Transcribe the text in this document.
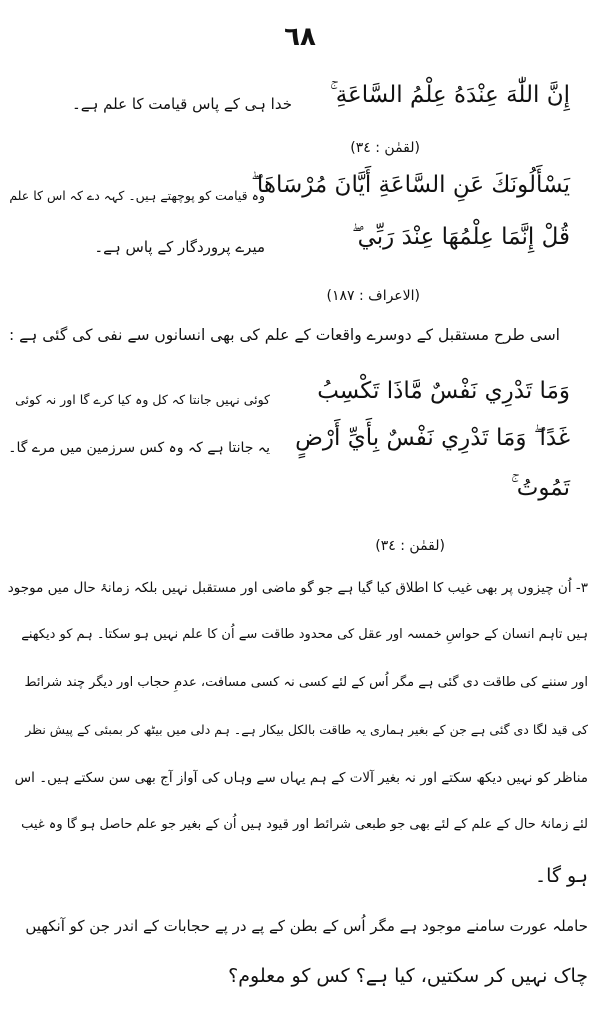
٦٨
إِنَّ اللّٰهَ عِنْدَهُ عِلْمُ السَّاعَةِ ۚ
خدا ہی کے پاس قیامت کا علم ہے۔
(لقمٰن : ٣٤)
يَسْأَلُونَكَ عَنِ السَّاعَةِ أَيَّانَ مُرْسَاهَا ۖ
قُلْ إِنَّمَا عِلْمُهَا عِنْدَ رَبِّي ۖ
وہ قیامت کو پوچھتے ہیں۔ کہہ دے کہ اس کا علم
میرے پروردگار کے پاس ہے۔
(الاعراف : ١٨٧)
اسی طرح مستقبل کے دوسرے واقعات کے علم کی بھی انسانوں سے نفی کی گئی ہے :
وَمَا تَدْرِي نَفْسٌ مَّاذَا تَكْسِبُ
غَدًا ۖ وَمَا تَدْرِي نَفْسٌ بِأَيِّ أَرْضٍ
تَمُوتُ ۚ
کوئی نہیں جانتا کہ کل وہ کیا کرے گا اور نہ کوئی
یہ جانتا ہے کہ وہ کس سرزمین میں مرے گا۔
(لقمٰن : ٣٤)
٣- اُن چیزوں پر بھی غیب کا اطلاق کیا گیا ہے جو گو ماضی اور مستقبل نہیں بلکہ زمانۂ حال میں موجود
ہیں تاہم انسان کے حواسِ خمسہ اور عقل کی محدود طاقت سے اُن کا علم نہیں ہو سکتا۔ ہم کو دیکھنے
اور سننے کی طاقت دی گئی ہے مگر اُس کے لئے کسی نہ کسی مسافت، عدمِ حجاب اور دیگر چند شرائط
کی قید لگا دی گئی ہے جن کے بغیر ہماری یہ طاقت بالکل بیکار ہے۔ ہم دلی میں بیٹھ کر بمبئی کے پیش نظر
مناظر کو نہیں دیکھ سکتے اور نہ بغیر آلات کے ہم یہاں سے وہاں کی آواز آج بھی سن سکتے ہیں۔ اس
لئے زمانۂ حال کے علم کے لئے بھی جو طبعی شرائط اور قیود ہیں اُن کے بغیر جو علم حاصل ہو گا وہ غیب
ہو گا۔
حاملہ عورت سامنے موجود ہے مگر اُس کے بطن کے پے در پے حجابات کے اندر جن کو آنکھیں
چاک نہیں کر سکتیں، کیا ہے؟ کس کو معلوم؟
